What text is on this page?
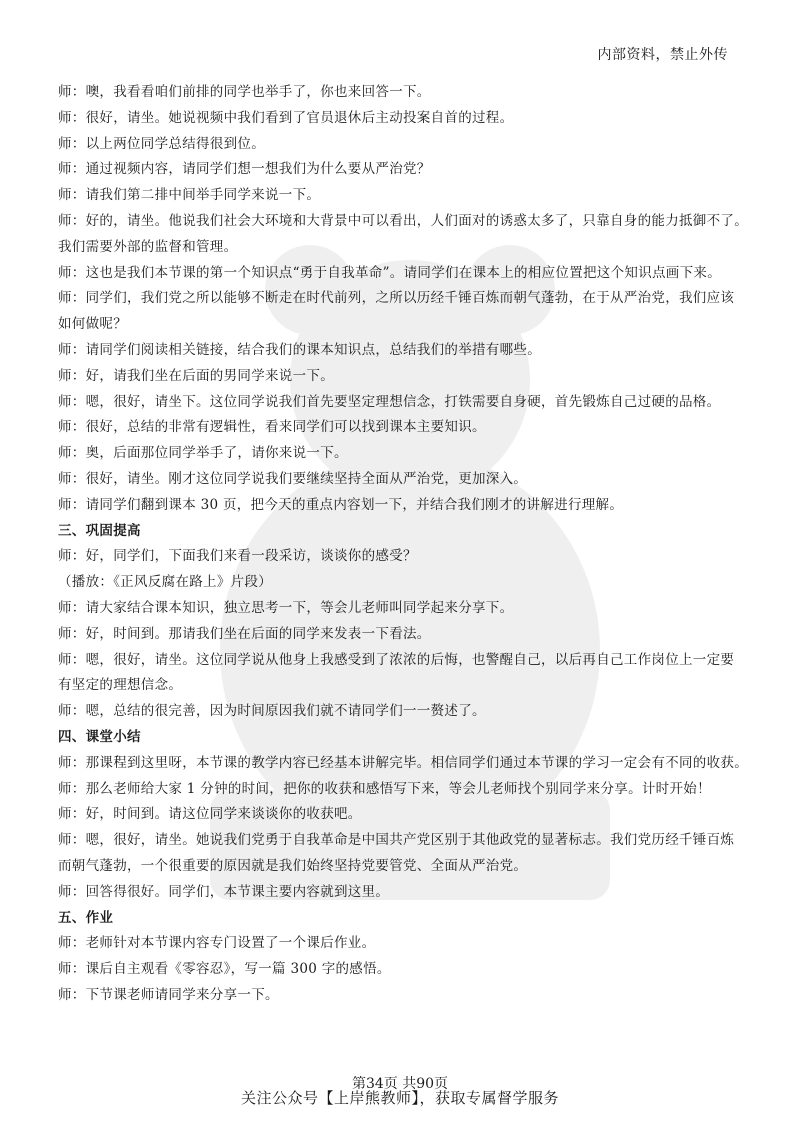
内部资料，禁止外传

师：噢，我看看咱们前排的同学也举手了，你也来回答一下。

师：很好，请坐。她说视频中我们看到了官员退休后主动投案自首的过程。

师：以上两位同学总结得很到位。

师：通过视频内容，请同学们想一想我们为什么要从严治党？

师：请我们第二排中间举手同学来说一下。

师：好的，请坐。他说我们社会大环境和大背景中可以看出，人们面对的诱惑太多了，只靠自身的能力抵御不了。

我们需要外部的监督和管理。

师：这也是我们本节课的第一个知识点“勇于自我革命”。请同学们在课本上的相应位置把这个知识点画下来。

师：同学们，我们党之所以能够不断走在时代前列，之所以历经千锤百炼而朝气蓬勃，在于从严治党，我们应该

如何做呢？

师：请同学们阅读相关链接，结合我们的课本知识点，总结我们的举措有哪些。

师：好，请我们坐在后面的男同学来说一下。

师：嗯，很好，请坐下。这位同学说我们首先要坚定理想信念，打铁需要自身硬，首先锻炼自己过硬的品格。

师：很好，总结的非常有逻辑性，看来同学们可以找到课本主要知识。

师：奥，后面那位同学举手了，请你来说一下。

师：很好，请坐。刚才这位同学说我们要继续坚持全面从严治党，更加深入。

师：请同学们翻到课本 30 页，把今天的重点内容划一下，并结合我们刚才的讲解进行理解。

三、巩固提高

师：好，同学们，下面我们来看一段采访，谈谈你的感受？

（播放：《正风反腐在路上》片段）

师：请大家结合课本知识，独立思考一下，等会儿老师叫同学起来分享下。

师：好，时间到。那请我们坐在后面的同学来发表一下看法。

师：嗯，很好，请坐。这位同学说从他身上我感受到了浓浓的后悔，也警醒自己，以后再自己工作岗位上一定要

有坚定的理想信念。

师：嗯，总结的很完善，因为时间原因我们就不请同学们一一赘述了。

四、课堂小结

师：那课程到这里呀，本节课的教学内容已经基本讲解完毕。相信同学们通过本节课的学习一定会有不同的收获。

师：那么老师给大家 1 分钟的时间，把你的收获和感悟写下来，等会儿老师找个别同学来分享。计时开始！

师：好，时间到。请这位同学来谈谈你的收获吧。

师：嗯，很好，请坐。她说我们党勇于自我革命是中国共产党区别于其他政党的显著标志。我们党历经千锤百炼

而朝气蓬勃，一个很重要的原因就是我们始终坚持党要管党、全面从严治党。

师：回答得很好。同学们，本节课主要内容就到这里。

五、作业

师：老师针对本节课内容专门设置了一个课后作业。

师：课后自主观看《零容忍》，写一篇 300 字的感悟。

师：下节课老师请同学来分享一下。

第34页 共90页
关注公众号【上岸熊教师】，获取专属督学服务
